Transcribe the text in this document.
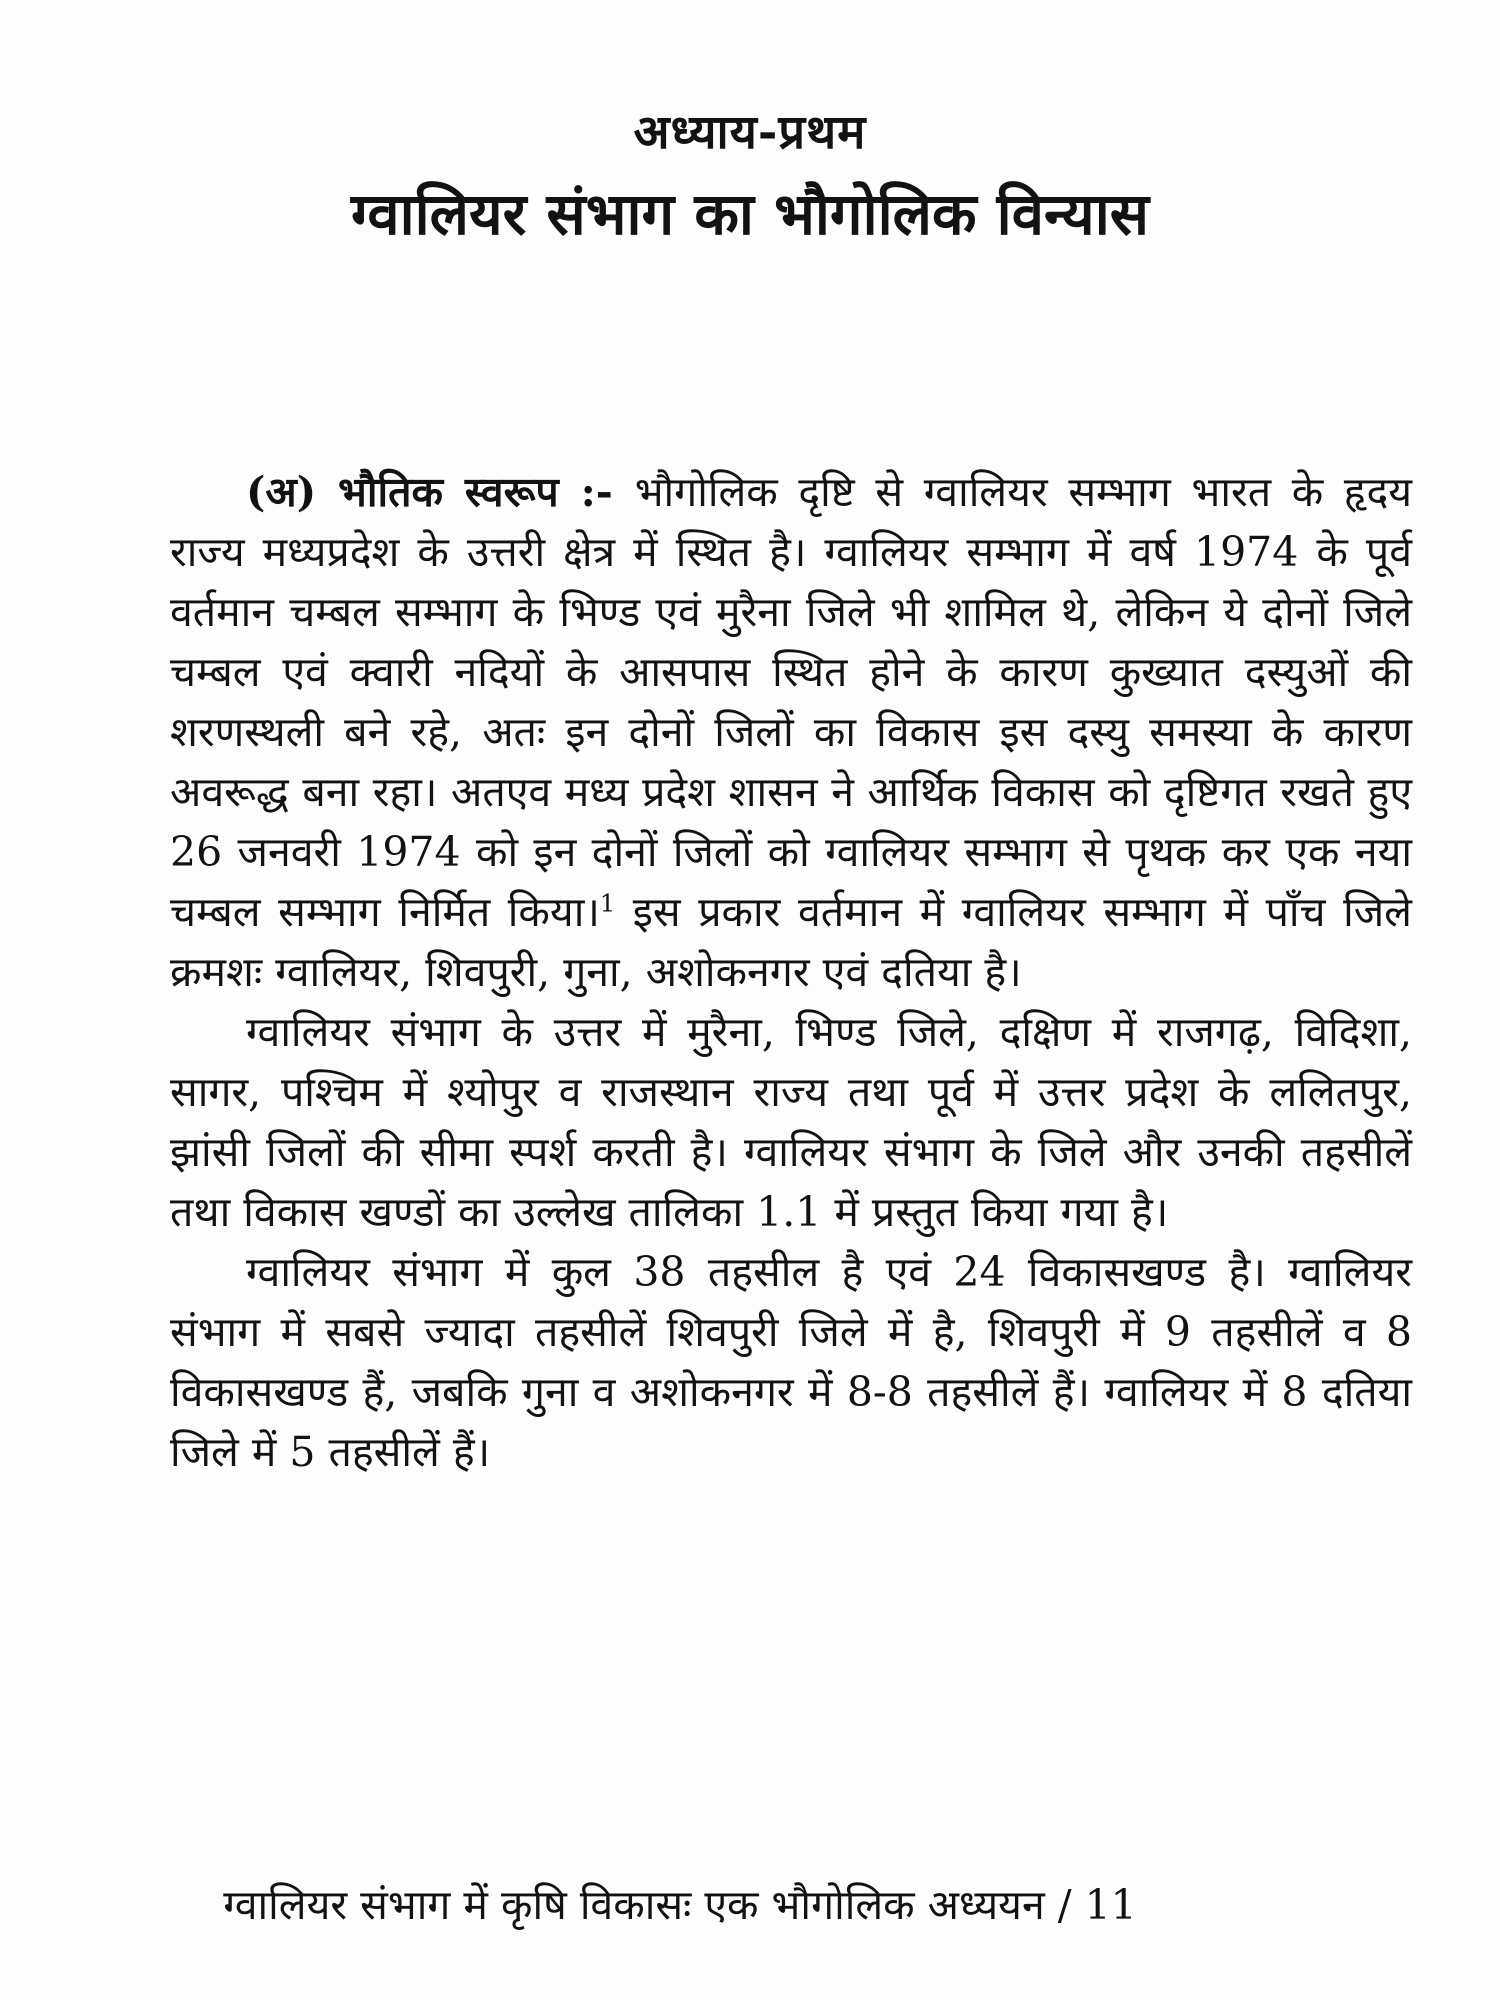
अध्याय-प्रथम
ग्वालियर संभाग का भौगोलिक विन्यास

(अ) भौतिक स्वरूप :- भौगोलिक दृष्टि से ग्वालियर सम्भाग भारत के हृदय राज्य मध्यप्रदेश के उत्तरी क्षेत्र में स्थित है। ग्वालियर सम्भाग में वर्ष 1974 के पूर्व वर्तमान चम्बल सम्भाग के भिण्ड एवं मुरैना जिले भी शामिल थे, लेकिन ये दोनों जिले चम्बल एवं क्वारी नदियों के आसपास स्थित होने के कारण कुख्यात दस्युओं की शरणस्थली बने रहे, अतः इन दोनों जिलों का विकास इस दस्यु समस्या के कारण अवरूद्ध बना रहा। अतएव मध्य प्रदेश शासन ने आर्थिक विकास को दृष्टिगत रखते हुए 26 जनवरी 1974 को इन दोनों जिलों को ग्वालियर सम्भाग से पृथक कर एक नया चम्बल सम्भाग निर्मित किया।$^1$ इस प्रकार वर्तमान में ग्वालियर सम्भाग में पाँच जिले क्रमशः ग्वालियर, शिवपुरी, गुना, अशोकनगर एवं दतिया है।

ग्वालियर संभाग के उत्तर में मुरैना, भिण्ड जिले, दक्षिण में राजगढ़, विदिशा, सागर, पश्चिम में श्योपुर व राजस्थान राज्य तथा पूर्व में उत्तर प्रदेश के ललितपुर, झांसी जिलों की सीमा स्पर्श करती है। ग्वालियर संभाग के जिले और उनकी तहसीलें तथा विकास खण्डों का उल्लेख तालिका 1.1 में प्रस्तुत किया गया है।

ग्वालियर संभाग में कुल 38 तहसील है एवं 24 विकासखण्ड है। ग्वालियर संभाग में सबसे ज्यादा तहसीलें शिवपुरी जिले में है, शिवपुरी में 9 तहसीलें व 8 विकासखण्ड हैं, जबकि गुना व अशोकनगर में 8-8 तहसीलें हैं। ग्वालियर में 8 दतिया जिले में 5 तहसीलें हैं।

ग्वालियर संभाग में कृषि विकासः एक भौगोलिक अध्ययन / 11
